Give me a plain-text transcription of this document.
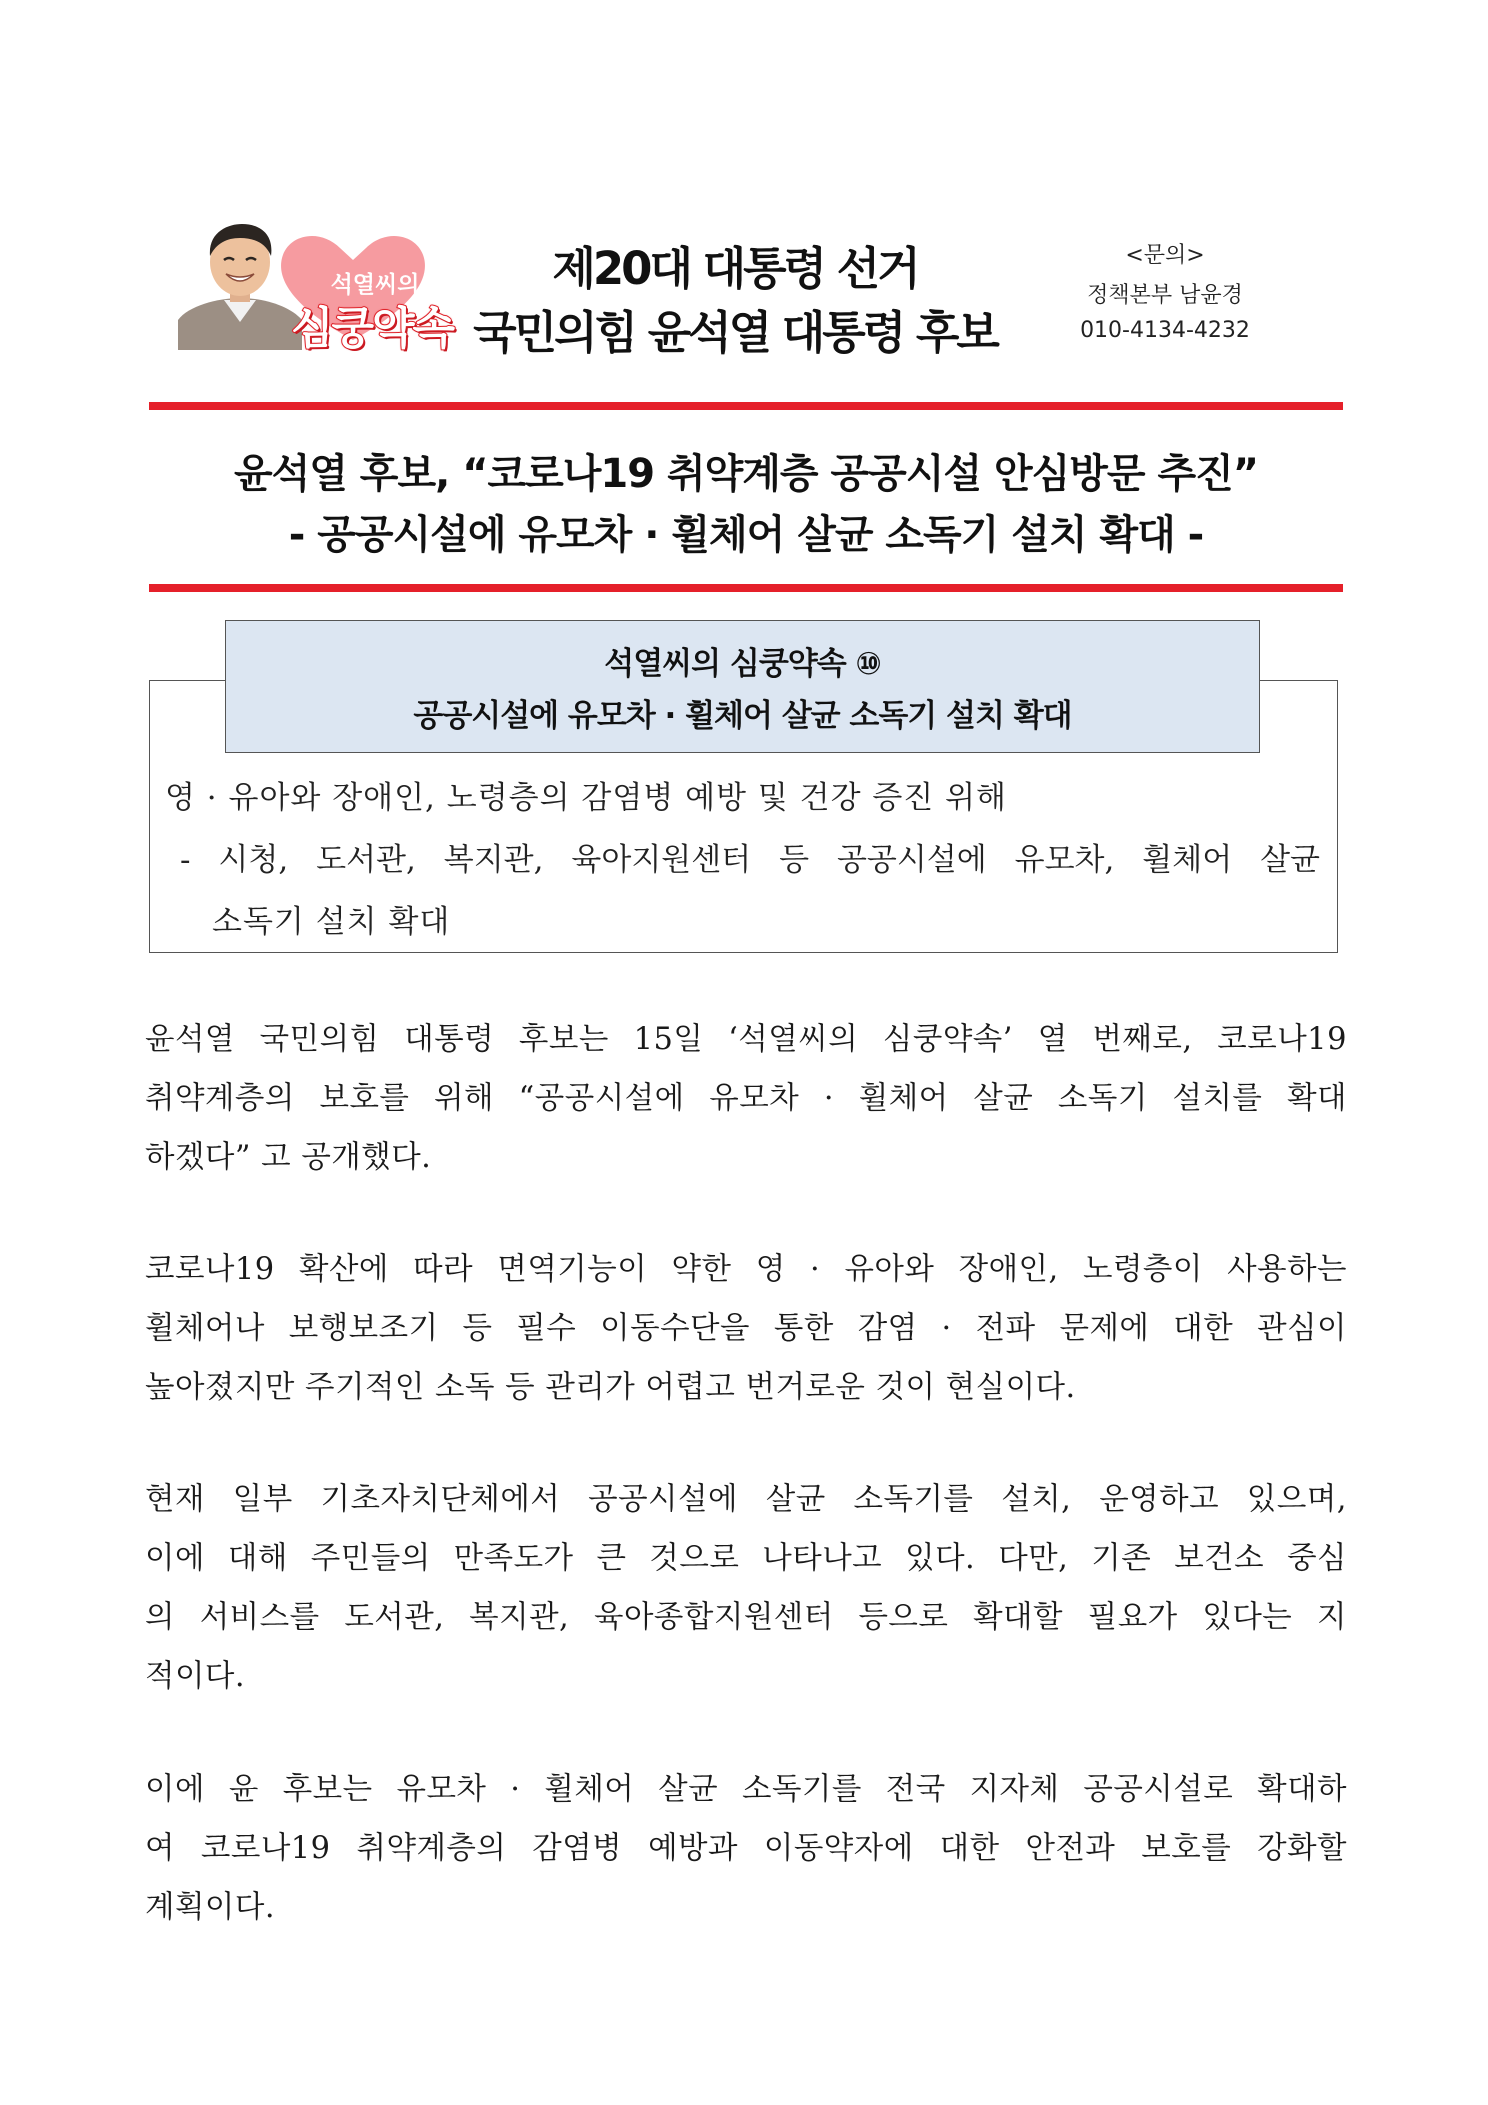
석열씨의
심쿵약속
제20대 대통령 선거
국민의힘 윤석열 대통령 후보
<문의>
정책본부 남윤경
010-4134-4232
윤석열 후보, “코로나19 취약계층 공공시설 안심방문 추진”
- 공공시설에 유모차 · 휠체어 살균 소독기 설치 확대 -
석열씨의 심쿵약속 ⑩
공공시설에 유모차 · 휠체어 살균 소독기 설치 확대
영 · 유아와 장애인, 노령층의 감염병 예방 및 건강 증진 위해
- 시청, 도서관, 복지관, 육아지원센터 등 공공시설에 유모차, 휠체어 살균
소독기 설치 확대
윤석열 국민의힘 대통령 후보는 15일 ‘석열씨의 심쿵약속’ 열 번째로, 코로나19
취약계층의 보호를 위해 “공공시설에 유모차 · 휠체어 살균 소독기 설치를 확대
하겠다” 고 공개했다.
코로나19 확산에 따라 면역기능이 약한 영 · 유아와 장애인, 노령층이 사용하는
휠체어나 보행보조기 등 필수 이동수단을 통한 감염 · 전파 문제에 대한 관심이
높아졌지만 주기적인 소독 등 관리가 어렵고 번거로운 것이 현실이다.
현재 일부 기초자치단체에서 공공시설에 살균 소독기를 설치, 운영하고 있으며,
이에 대해 주민들의 만족도가 큰 것으로 나타나고 있다. 다만, 기존 보건소 중심
의 서비스를 도서관, 복지관, 육아종합지원센터 등으로 확대할 필요가 있다는 지
적이다.
이에 윤 후보는 유모차 · 휠체어 살균 소독기를 전국 지자체 공공시설로 확대하
여 코로나19 취약계층의 감염병 예방과 이동약자에 대한 안전과 보호를 강화할
계획이다.
